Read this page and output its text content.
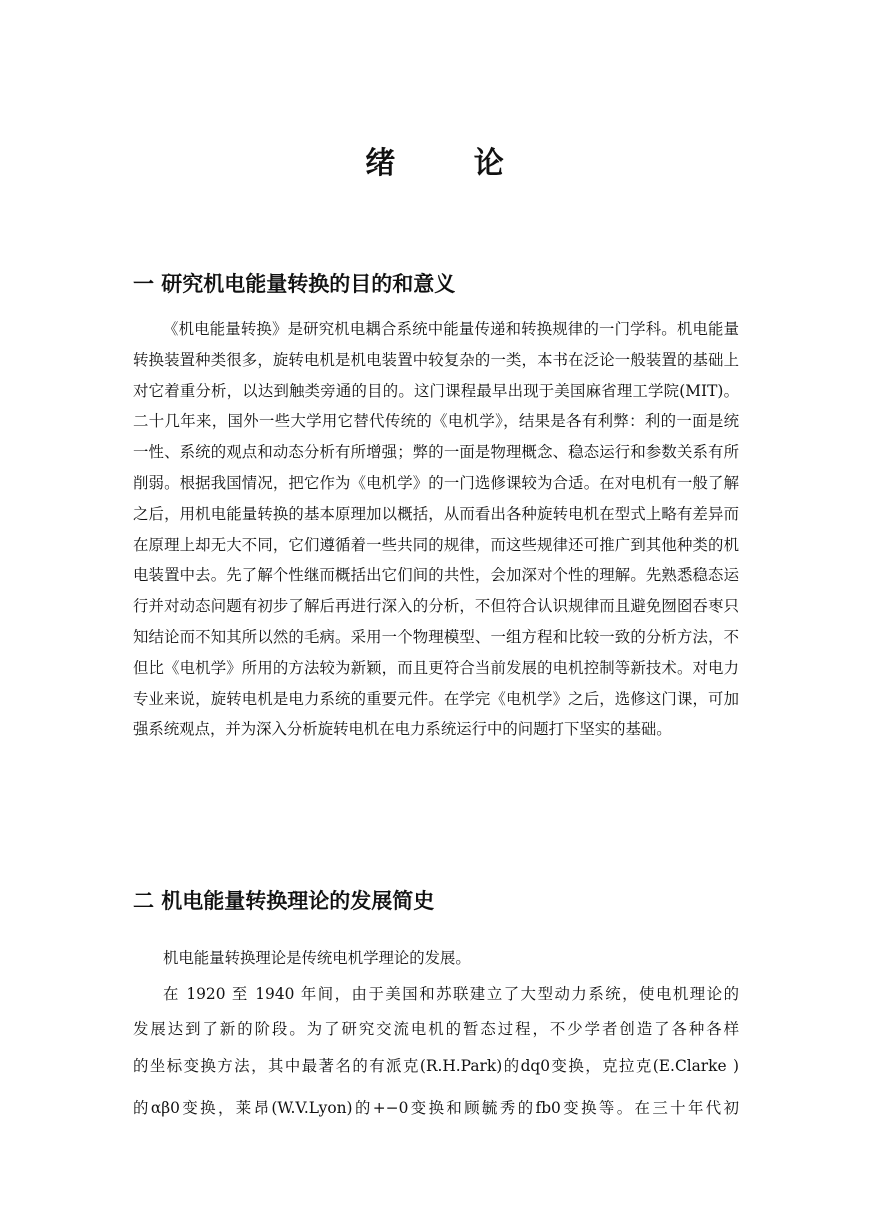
绪 论
一 研究机电能量转换的目的和意义
《机电能量转换》是研究机电耦合系统中能量传递和转换规律的一门学科。机电能量转换装置种类很多，旋转电机是机电装置中较复杂的一类，本书在泛论一般装置的基础上对它着重分析，以达到触类旁通的目的。这门课程最早出现于美国麻省理工学院(MIT)。二十几年来，国外一些大学用它替代传统的《电机学》，结果是各有利弊：利的一面是统一性、系统的观点和动态分析有所增强；弊的一面是物理概念、稳态运行和参数关系有所削弱。根据我国情况，把它作为《电机学》的一门选修课较为合适。在对电机有一般了解之后，用机电能量转换的基本原理加以概括，从而看出各种旋转电机在型式上略有差异而在原理上却无大不同，它们遵循着一些共同的规律，而这些规律还可推广到其他种类的机电装置中去。先了解个性继而概括出它们间的共性，会加深对个性的理解。先熟悉稳态运行并对动态问题有初步了解后再进行深入的分析，不但符合认识规律而且避免囫囵吞枣只知结论而不知其所以然的毛病。采用一个物理模型、一组方程和比较一致的分析方法，不但比《电机学》所用的方法较为新颖，而且更符合当前发展的电机控制等新技术。对电力专业来说，旋转电机是电力系统的重要元件。在学完《电机学》之后，选修这门课，可加强系统观点，并为深入分析旋转电机在电力系统运行中的问题打下坚实的基础。
二 机电能量转换理论的发展简史
机电能量转换理论是传统电机学理论的发展。
在 1920 至 1940 年间，由于美国和苏联建立了大型动力系统，使电机理论的
发展达到了新的阶段。为了研究交流电机的暂态过程，不少学者创造了各种各样
的坐标变换方法，其中最著名的有派克(R.H.Park)的dq0变换，克拉克(E.Clarke )
的αβ0变换，莱昂(W.V.Lyon)的+−0变换和顾毓秀的fb0变换等。在三十年代初
